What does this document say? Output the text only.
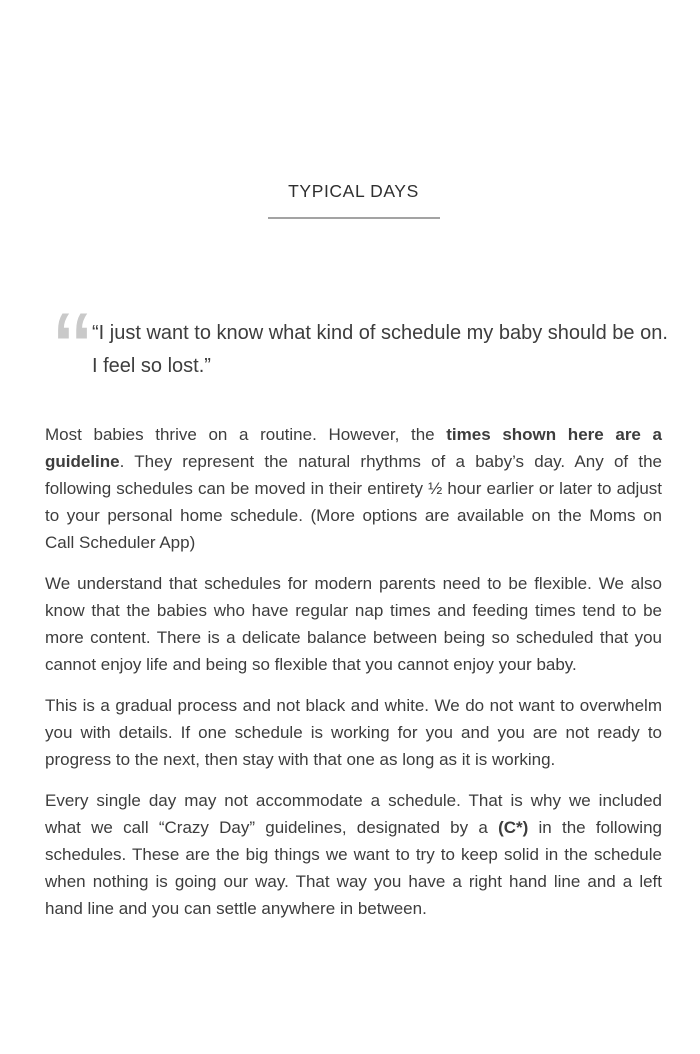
TYPICAL DAYS
“ “I just want to know what kind of schedule my baby should be on.
I feel so lost.”

Most babies thrive on a routine. However, the times shown here are a guideline. They represent the natural rhythms of a baby’s day. Any of the following schedules can be moved in their entirety ½ hour earlier or later to adjust to your personal home schedule. (More options are available on the Moms on Call Scheduler App)

We understand that schedules for modern parents need to be flexible. We also know that the babies who have regular nap times and feeding times tend to be more content. There is a delicate balance between being so scheduled that you cannot enjoy life and being so flexible that you cannot enjoy your baby.

This is a gradual process and not black and white. We do not want to overwhelm you with details. If one schedule is working for you and you are not ready to progress to the next, then stay with that one as long as it is working.

Every single day may not accommodate a schedule. That is why we included what we call “Crazy Day” guidelines, designated by a (C*) in the following schedules. These are the big things we want to try to keep solid in the schedule when nothing is going our way. That way you have a right hand line and a left hand line and you can settle anywhere in between.
